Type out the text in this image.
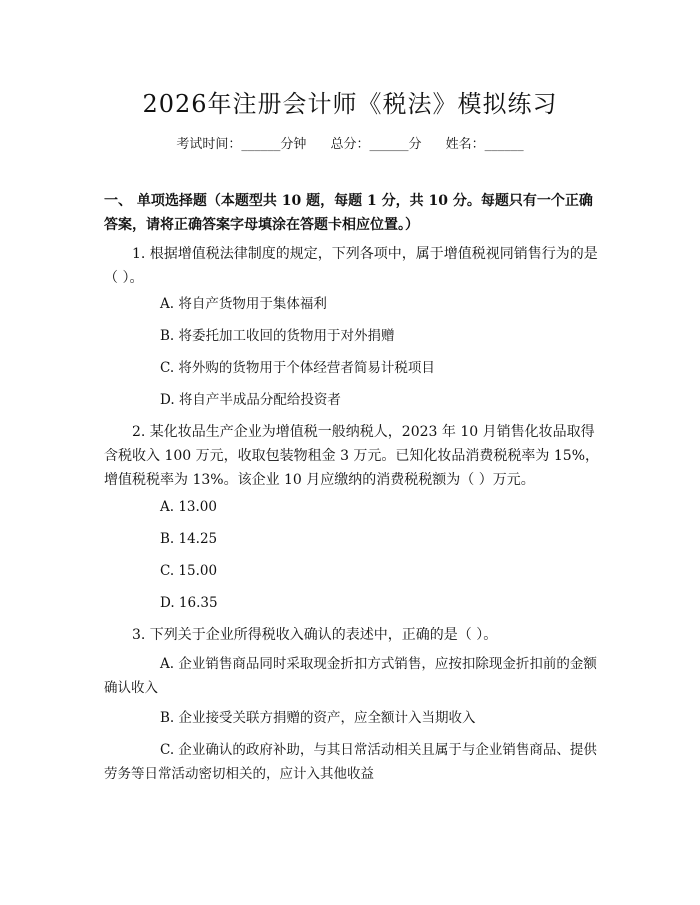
2026年注册会计师《税法》模拟练习
考试时间：______分钟 总分：______分 姓名：______
一、 单项选择题（本题型共 10 题，每题 1 分，共 10 分。每题只有一个正确答案，请将正确答案字母填涂在答题卡相应位置。）
1. 根据增值税法律制度的规定，下列各项中，属于增值税视同销售行为的是（ ）。
A. 将自产货物用于集体福利
B. 将委托加工收回的货物用于对外捐赠
C. 将外购的货物用于个体经营者简易计税项目
D. 将自产半成品分配给投资者
2. 某化妆品生产企业为增值税一般纳税人，2023 年 10 月销售化妆品取得含税收入 100 万元，收取包装物租金 3 万元。已知化妆品消费税税率为 15%，增值税税率为 13%。该企业 10 月应缴纳的消费税税额为（ ）万元。
A. 13.00
B. 14.25
C. 15.00
D. 16.35
3. 下列关于企业所得税收入确认的表述中，正确的是（ ）。
A. 企业销售商品同时采取现金折扣方式销售，应按扣除现金折扣前的金额确认收入
B. 企业接受关联方捐赠的资产，应全额计入当期收入
C. 企业确认的政府补助，与其日常活动相关且属于与企业销售商品、提供劳务等日常活动密切相关的，应计入其他收益
